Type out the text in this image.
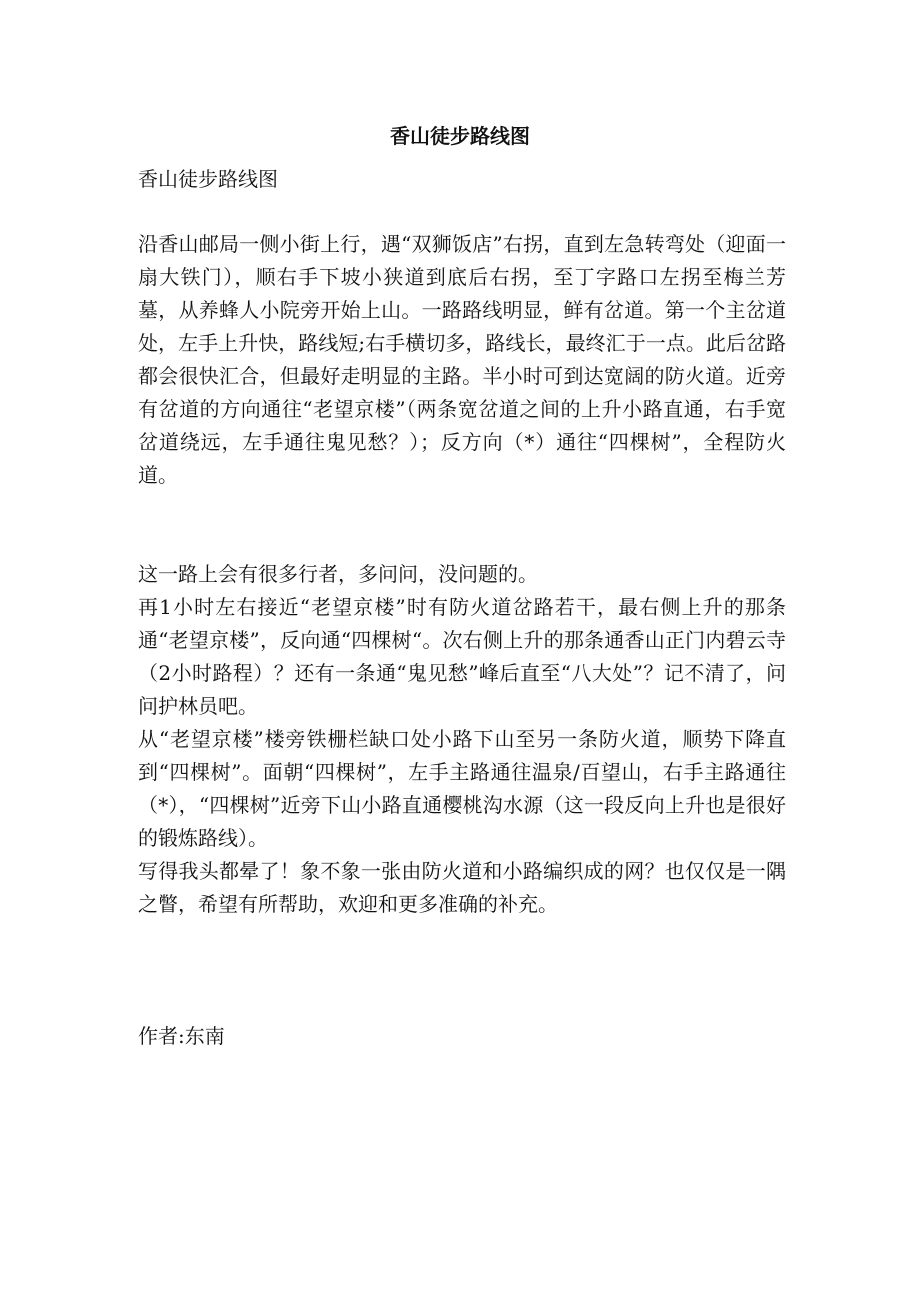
香山徒步路线图

香山徒步路线图

沿香山邮局一侧小街上行，遇“双狮饭店”右拐，直到左急转弯处（迎面一扇大铁门），顺右手下坡小狭道到底后右拐，至丁字路口左拐至梅兰芳墓，从养蜂人小院旁开始上山。一路路线明显，鲜有岔道。第一个主岔道处，左手上升快，路线短;右手横切多，路线长，最终汇于一点。此后岔路都会很快汇合，但最好走明显的主路。半小时可到达宽阔的防火道。近旁有岔道的方向通往“老望京楼”（两条宽岔道之间的上升小路直通，右手宽岔道绕远，左手通往鬼见愁？）；反方向（*）通往“四棵树”，全程防火道。

这一路上会有很多行者，多问问，没问题的。

再1小时左右接近“老望京楼”时有防火道岔路若干，最右侧上升的那条通“老望京楼”，反向通“四棵树“。次右侧上升的那条通香山正门内碧云寺（2小时路程）？还有一条通“鬼见愁”峰后直至“八大处”？记不清了，问问护林员吧。

从“老望京楼”楼旁铁栅栏缺口处小路下山至另一条防火道，顺势下降直到“四棵树”。面朝“四棵树”，左手主路通往温泉/百望山，右手主路通往（*），“四棵树”近旁下山小路直通樱桃沟水源（这一段反向上升也是很好的锻炼路线）。

写得我头都晕了！象不象一张由防火道和小路编织成的网？也仅仅是一隅之瞥，希望有所帮助，欢迎和更多准确的补充。

作者:东南
